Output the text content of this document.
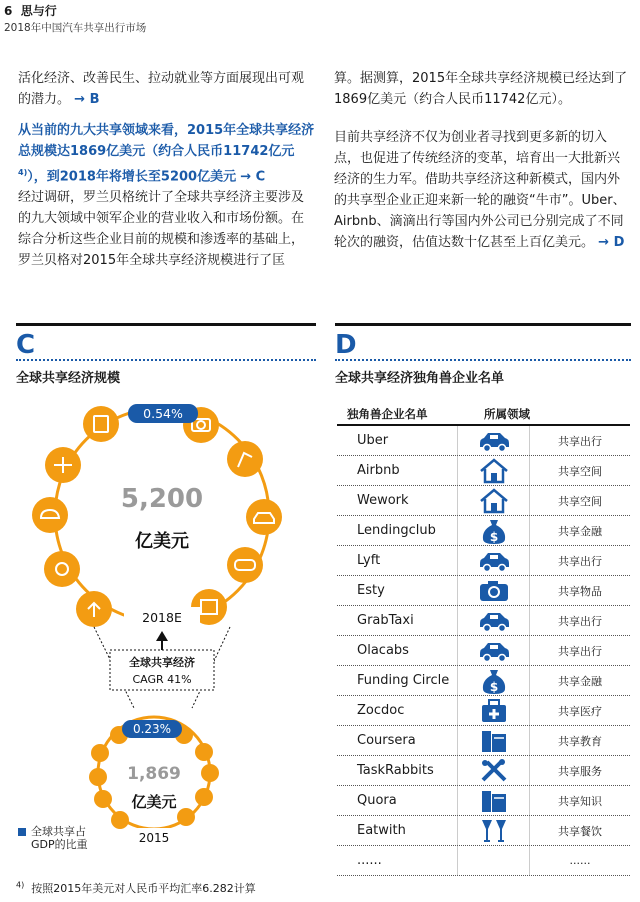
6 思与行
2018年中国汽车共享出行市场

活化经济、改善民生、拉动就业等方面展现出可观的潜力。 → B

从当前的九大共享领域来看，2015年全球共享经济总规模达1869亿美元（约合人民币11742亿元$^{4)}$），到2018年将增长至5200亿美元 → C

经过调研，罗兰贝格统计了全球共享经济主要涉及的九大领域中领军企业的营业收入和市场份额。在综合分析这些企业目前的规模和渗透率的基础上，罗兰贝格对2015年全球共享经济规模进行了匡

算。据测算，2015年全球共享经济规模已经达到了1869亿美元（约合人民币11742亿元）。

目前共享经济不仅为创业者寻找到更多新的切入点，也促进了传统经济的变革，培育出一大批新兴经济的生力军。借助共享经济这种新模式，国内外的共享型企业正迎来新一轮的融资“牛市”。Uber、Airbnb、滴滴出行等国内外公司已分别完成了不同轮次的融资，估值达数十亿甚至上百亿美元。 → D

C
全球共享经济规模
D
全球共享经济独角兽企业名单
0.54%
5,200
亿美元
2018E
全球共享经济
CAGR 41%
0.23%
1,869
亿美元
2015
全球共享占GDP的比重
独角兽企业名单	所属领域
Uber	共享出行
Airbnb	共享空间
Wework	共享空间
Lendingclub	$	共享金融
Lyft	共享出行
Esty	共享物品
GrabTaxi	共享出行
Olacabs	共享出行
Funding Circle	$	共享金融
Zocdoc	共享医疗
Coursera	共享教育
TaskRabbits	共享服务
Quora	共享知识
Eatwith	共享餐饮
......	......
$^{4)}$ 按照2015年美元对人民币平均汇率6.282计算
